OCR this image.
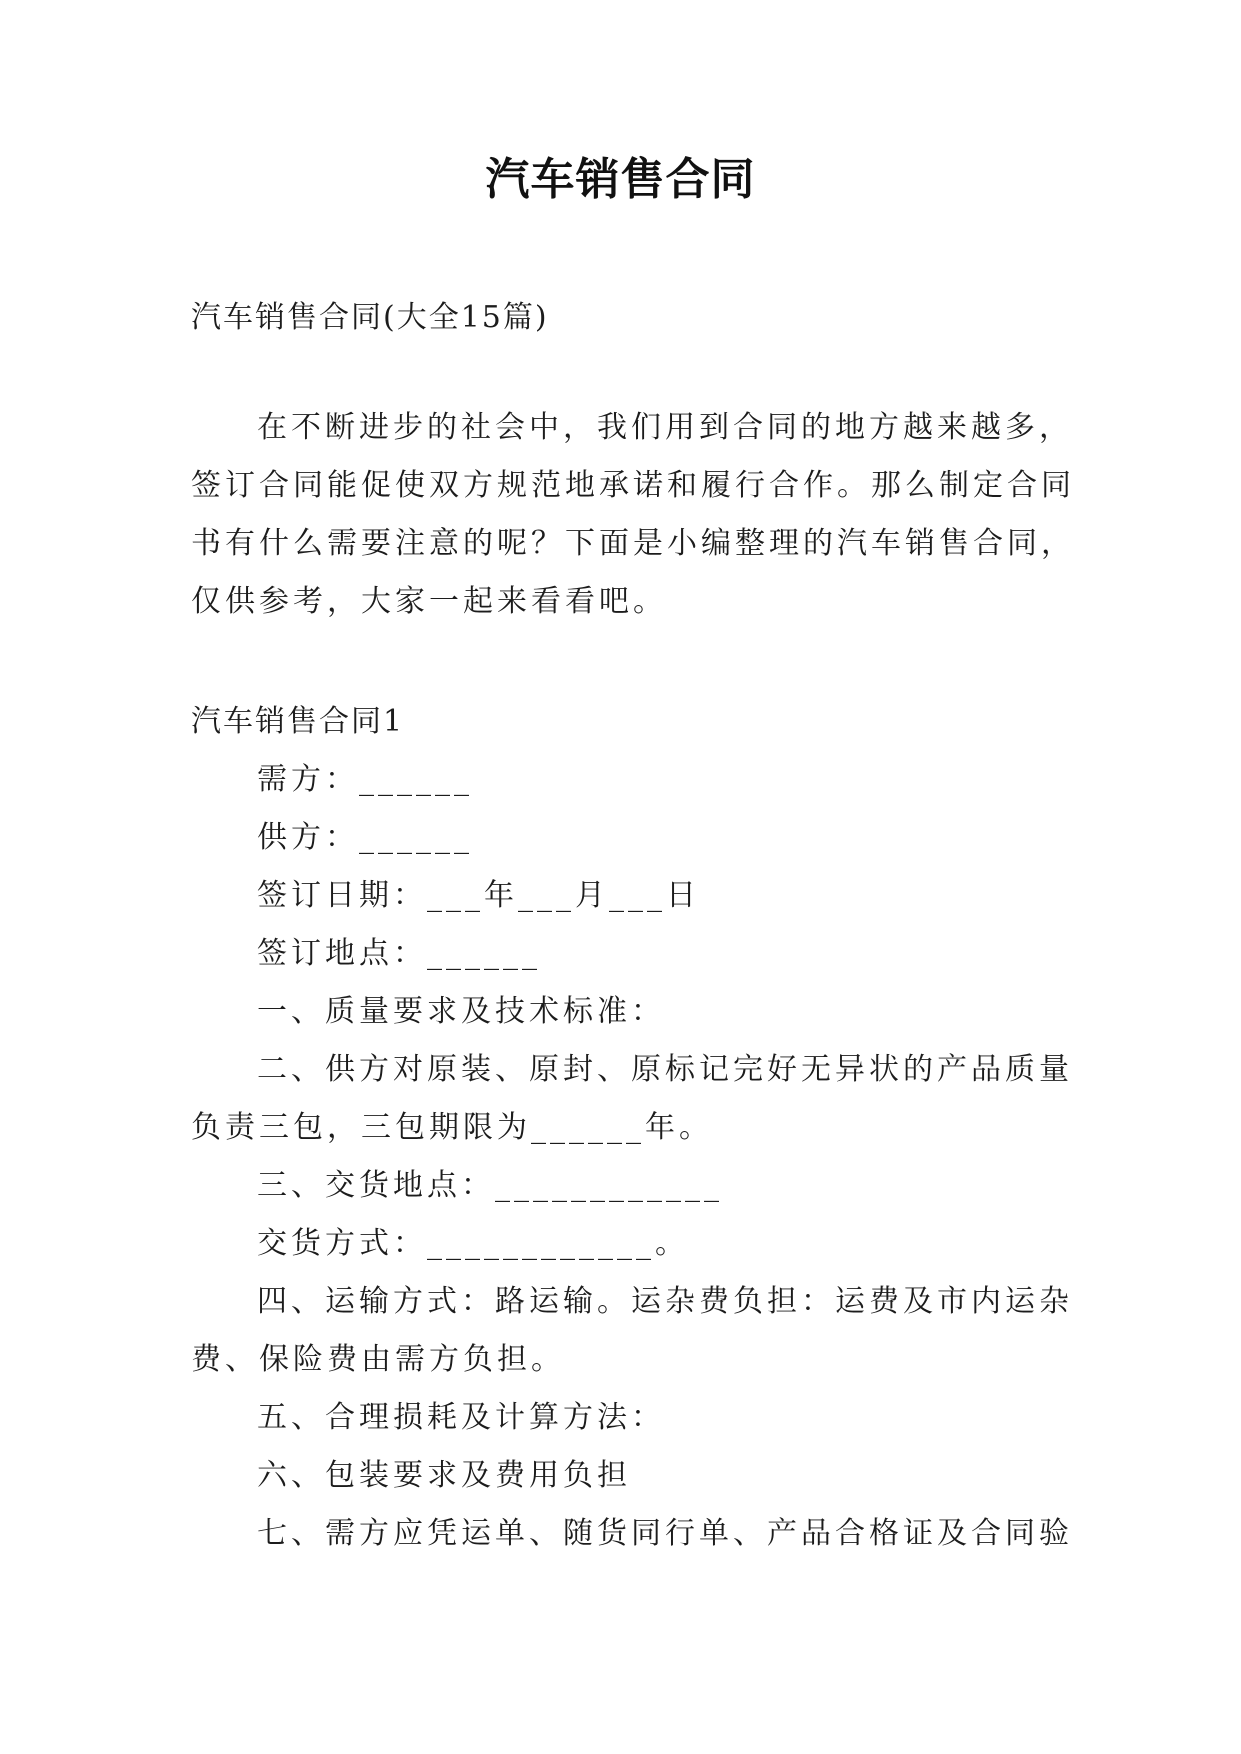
汽车销售合同
汽车销售合同(大全15篇)
在不断进步的社会中，我们用到合同的地方越来越多，
签订合同能促使双方规范地承诺和履行合作。那么制定合同
书有什么需要注意的呢？下面是小编整理的汽车销售合同，
仅供参考，大家一起来看看吧。
汽车销售合同1
需方：______
供方：______
签订日期：___年___月___日
签订地点：______
一、质量要求及技术标准：
二、供方对原装、原封、原标记完好无异状的产品质量
负责三包，三包期限为______年。
三、交货地点：____________
交货方式：____________。
四、运输方式：路运输。运杂费负担：运费及市内运杂
费、保险费由需方负担。
五、合理损耗及计算方法：
六、包装要求及费用负担
七、需方应凭运单、随货同行单、产品合格证及合同验
